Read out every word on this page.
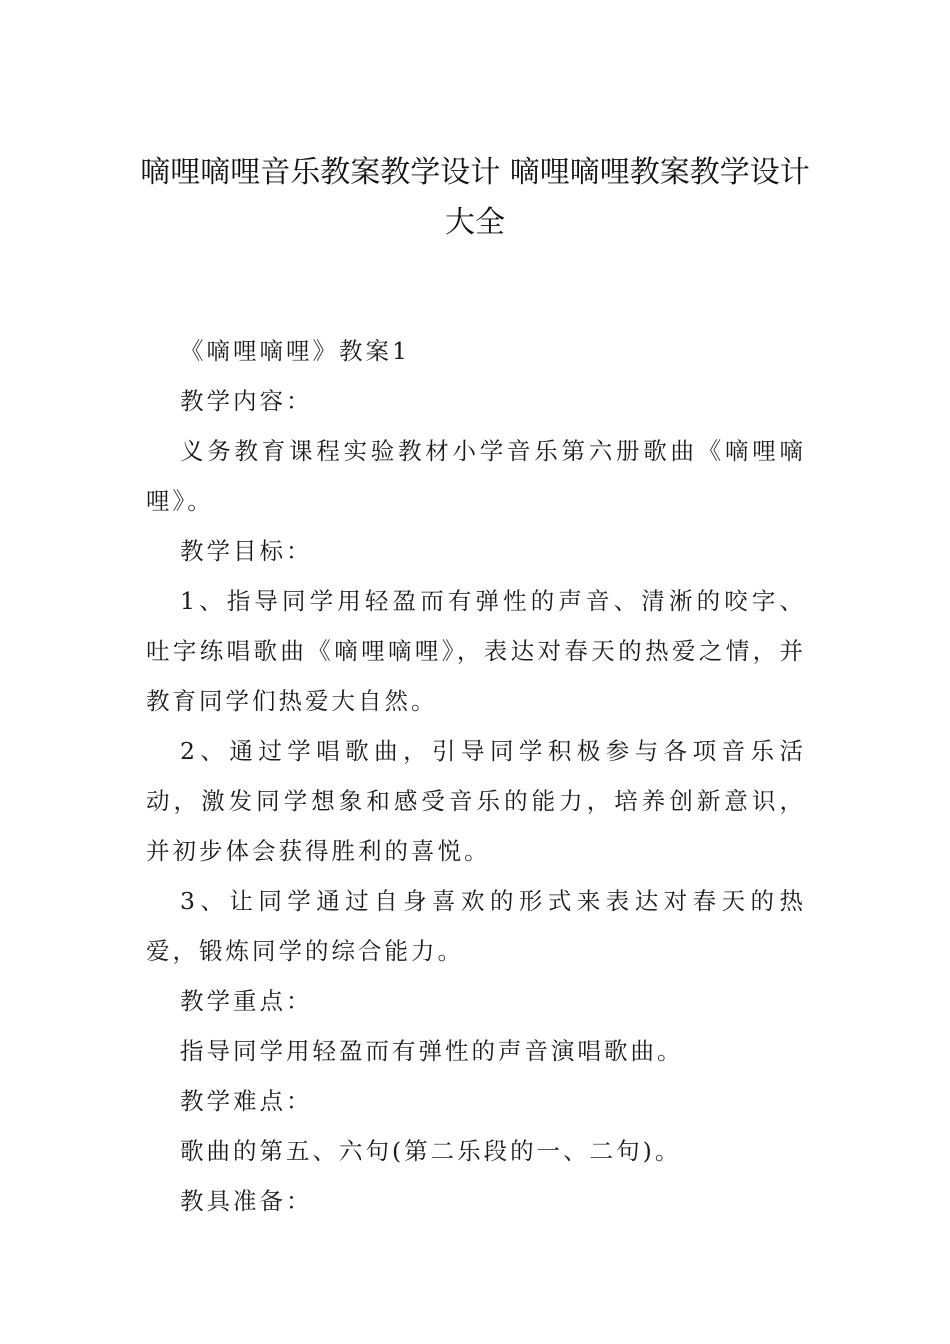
嘀哩嘀哩音乐教案教学设计 嘀哩嘀哩教案教学设计
大全

《嘀哩嘀哩》教案1

教学内容：

义务教育课程实验教材小学音乐第六册歌曲《嘀哩嘀哩》。

教学目标：

1、指导同学用轻盈而有弹性的声音、清淅的咬字、吐字练唱歌曲《嘀哩嘀哩》，表达对春天的热爱之情，并教育同学们热爱大自然。

2、通过学唱歌曲，引导同学积极参与各项音乐活动，激发同学想象和感受音乐的能力，培养创新意识，并初步体会获得胜利的喜悦。

3、让同学通过自身喜欢的形式来表达对春天的热爱，锻炼同学的综合能力。

教学重点：

指导同学用轻盈而有弹性的声音演唱歌曲。

教学难点：

歌曲的第五、六句(第二乐段的一、二句)。

教具准备：
